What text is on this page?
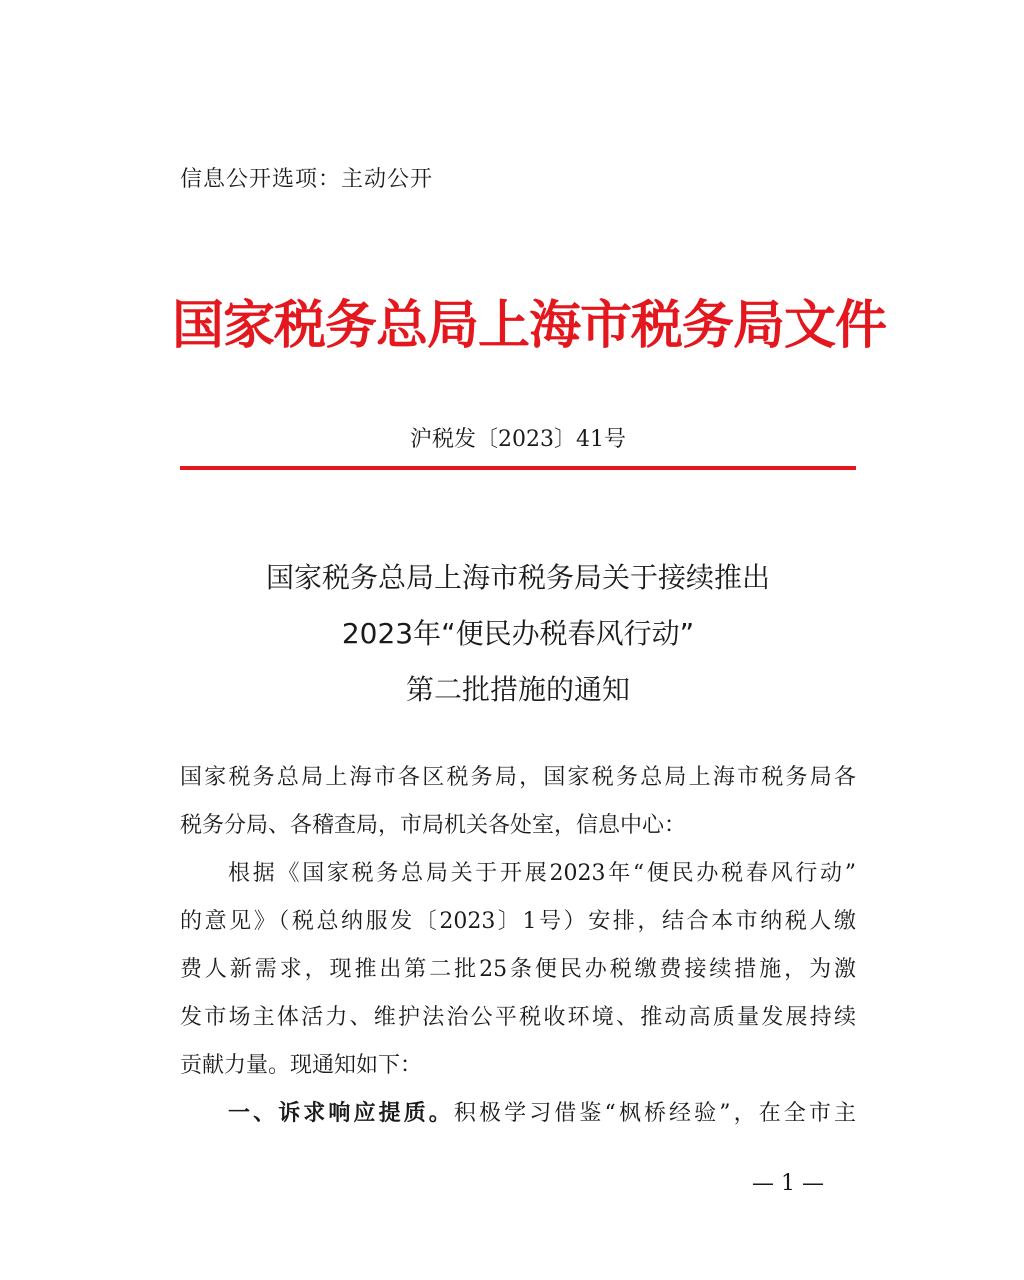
信息公开选项：主动公开
国家税务总局上海市税务局文件
沪税发〔2023〕41号
国家税务总局上海市税务局关于接续推出
2023年“便民办税春风行动”
第二批措施的通知
国家税务总局上海市各区税务局，国家税务总局上海市税务局各
税务分局、各稽查局，市局机关各处室，信息中心：
根据《国家税务总局关于开展2023年“便民办税春风行动”
的意见》（税总纳服发〔2023〕1号）安排，结合本市纳税人缴
费人新需求，现推出第二批25条便民办税缴费接续措施，为激
发市场主体活力、维护法治公平税收环境、推动高质量发展持续
贡献力量。现通知如下：
一、诉求响应提质。积极学习借鉴“枫桥经验”，在全市主
— 1 —
